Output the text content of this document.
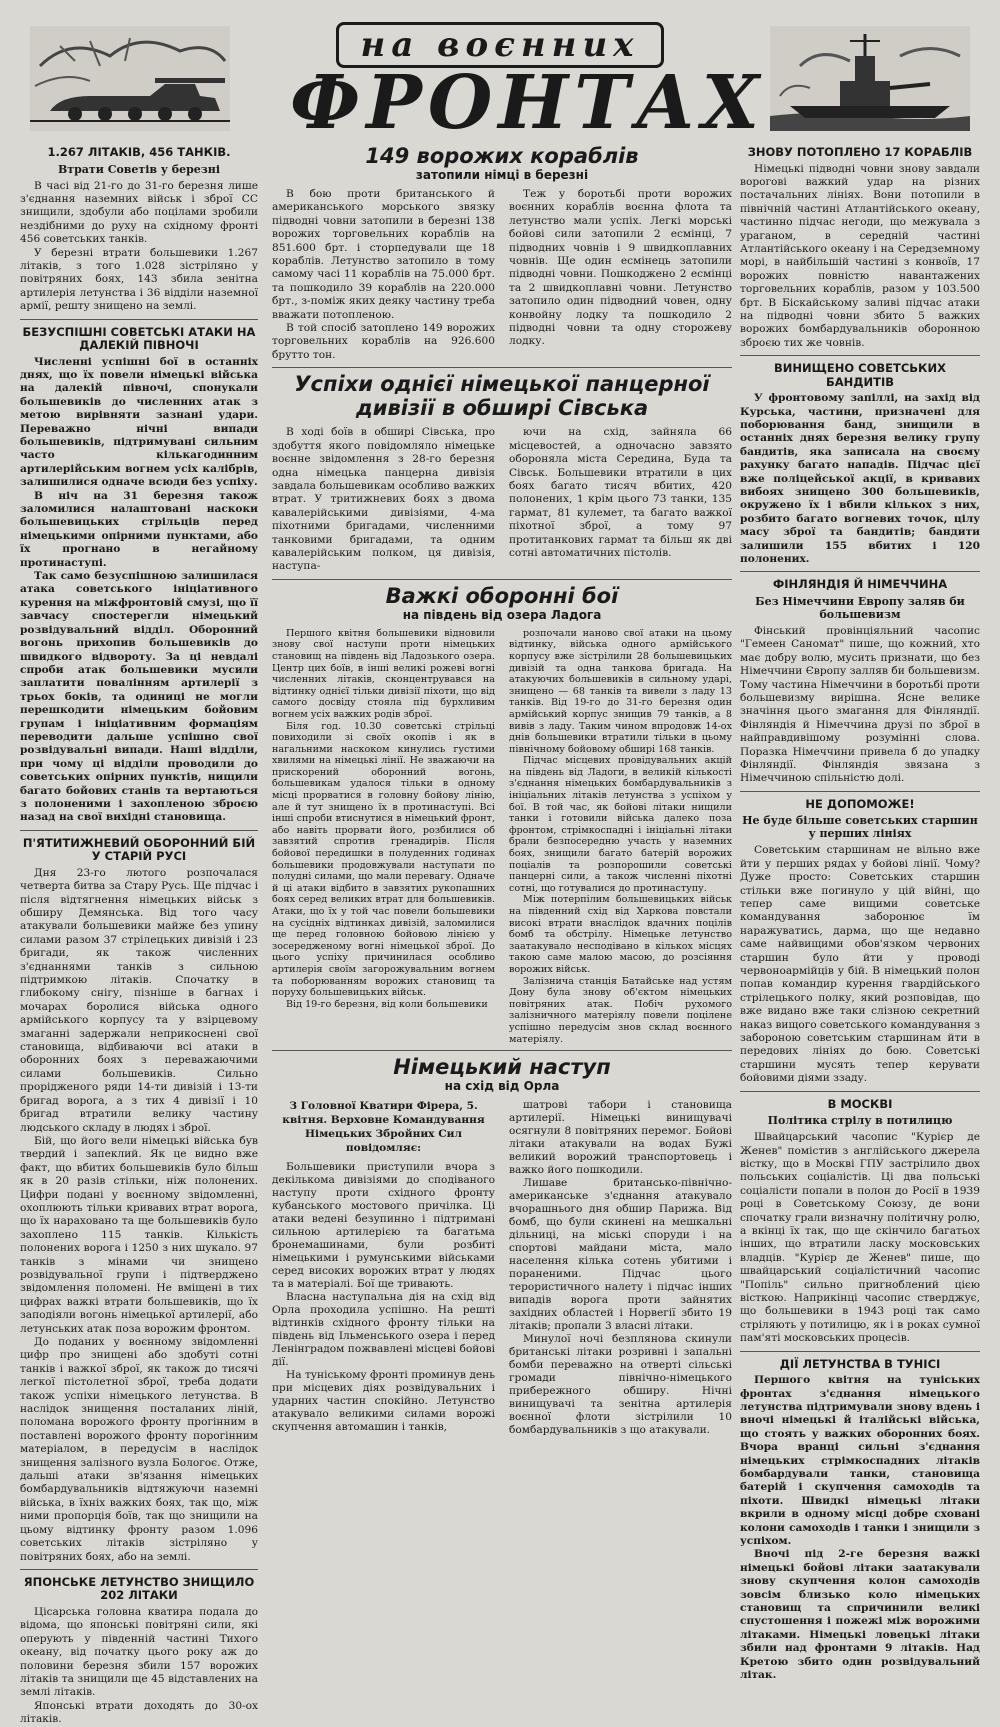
на воєнних
ФРОНТАХ
1.267 ЛІТАКІВ, 456 ТАНКІВ.
Втрати Советів у березні

В часі від 21-го до 31-го березня лише з'єднання наземних військ і зброї СС знищили, здобули або поцілами зробили нездібними до руху на східному фронті 456 советських танків.

У березні втрати большевики 1.267 літаків, з того 1.028 зістріляно у повітряних боях, 143 збила зенітна артилерія летунства і 36 відділи наземної армії, решту знищено на землі.

БЕЗУСПІШНІ СОВЕТСЬКІ АТАКИ НА ДАЛЕКІЙ ПІВНОЧІ

Численні успішні бої в останніх днях, що їх повели німецькі війська на далекій півночі, спонукали большевиків до численних атак з метою вирівняти зазнані удари. Переважно нічні випади большевиків, підтримувані сильним часто кількагодинним артилерійським вогнем усіх калібрів, залишилися одначе всюди без успіху.

В ніч на 31 березня також заломилися налаштовані наскоки большевицьких стрільців перед німецькими опірними пунктами, або їх прогнано в негайному протинаступі.

Так само безуспішною залишилася атака советського ініціативного курення на міжфронтовій смузі, що її завчасу спостерегли німецький розвідувальний відділ. Оборонний вогонь прихопив большевиків до швидкого відвороту. За ці невдалі спроби атак большевики мусили заплатити повалінням артилерії з трьох боків, та одиниці не могли перешкодити німецьким бойовим групам і ініціативним формаціям переводити дальше успішно свої розвідувальні випади. Наші відділи, при чому ці відділи проводили до советських опірних пунктів, нищили багато бойових станів та вертаються з полоненими і захопленою зброєю назад на свої вихідні становища.

П'ЯТИТИЖНЕВИЙ ОБОРОННИЙ БІЙ У СТАРІЙ РУСІ

Дня 23-го лютого розпочалася четверта битва за Стару Русь. Ще підчас і після відтягнення німецьких військ з обширу Демянська. Від того часу атакували большевики майже без упину силами разом 37 стрілецьких дивізій і 23 бригади, як також численних з'єднаннями танків з сильною підтримкою літаків. Спочатку в глибокому снігу, пізніше в багнах і мочарах боролися війська одного армійського корпусу та у взірцевому змаганні задержали неприкоснені свої становища, відбиваючи всі атаки в оборонних боях з переважаючими силами большевиків. Сильно прорідженого ряди 14-ти дивізій і 13-ти бригад ворога, а з тих 4 дивізії і 10 бригад втратили велику частину людського складу в людях і зброї.

Бій, що його вели німецькі війська був твердий і запеклий. Як це видно вже факт, що вбитих большевиків було більш як в 20 разів стільки, ніж полонених. Цифри подані у воєнному звідомленні, охоплюють тільки кривавих втрат ворога, що їх нараховано та ще большевиків було захоплено 115 танків. Кількість полонених ворога і 1250 з них шукало. 97 танків з мінами чи знищено розвідувальної групи і підтверджено звідомлення поломені. Не вміщені в тих цифрах важкі втрати большевиків, що їх заподіяли вогонь німецької артилерії, або летунських атак поза ворожим фронтом.

До поданих у воєнному звідомленні цифр про знищені або здобуті сотні танків і важкої зброї, як також до тисячі легкої пістолетної зброї, треба додати також успіхи німецького летунства. В наслідок знищення посталаних ліній, поломана ворожого фронту прогінним в поставлені ворожого фронту порогінним матеріалом, в передусім в наслідок знищення залізного вузла Бологоє. Отже, дальші атаки зв'язання німецьких бомбардувальників відтяжуючи наземні війська, в їхніх важких боях, так що, між ними пропорція боїв, так що знищили на цьому відтинку фронту разом 1.096 советських літаків зістріляно у повітряних боях, або на землі.

ЯПОНСЬКЕ ЛЕТУНСТВО ЗНИЩИЛО 202 ЛІТАКИ

Цісарська головна кватира подала до відома, що японські повітряні сили, які оперують у південній частині Тихого океану, від початку цього року аж до половини березня збили 157 ворожих літаків та знищили ще 45 відставлених на землі літаків.

Японські втрати доходять до 30-ох літаків.

149 ворожих кораблів
затопили німці в березні

В бою проти британського й американського морського звязку підводні човни затопили в березні 138 ворожих торговельних кораблів на 851.600 брт. і сторпедували ще 18 кораблів. Летунство затопило в тому самому часі 11 кораблів на 75.000 брт. та пошкодило 39 кораблів на 220.000 брт., з-поміж яких деяку частину треба вважати потопленою.

В той спосіб затоплено 149 ворожих торговельних кораблів на 926.600 брутто тон.

Теж у боротьбі проти ворожих воєнних кораблів воєнна флота та летунство мали успіх. Легкі морські бойові сили затопили 2 есмінці, 7 підводних човнів і 9 швидкоплавних човнів. Ще один есмінець затопили підводні човни. Пошкоджено 2 есмінці та 2 швидкоплавні човни. Летунство затопило один підводний човен, одну конвойну лодку та пошкодило 2 підводні човни та одну сторожеву лодку.

Успіхи однієї німецької панцерної дивізії в обширі Сівська

В ході боїв в обширі Сівська, про здобуття якого повідомляло німецьке воєнне звідомлення з 28-го березня одна німецька панцерна дивізія завдала большевикам особливо важких втрат. У тритижневих боях з двома кавалерійськими дивізіями, 4-ма піхотними бригадами, численними танковими бригадами, та одним кавалерійським полком, ця дивізія, наступа-

ючи на схід, зайняла 66 місцевостей, а одночасно завзято обороняла міста Середина, Буда та Сівськ. Большевики втратили в цих боях багато тисяч вбитих, 420 полонених, 1 крім цього 73 танки, 135 гармат, 81 кулемет, та багато важкої піхотної зброї, а тому 97 протитанкових гармат та більш як дві сотні автоматичних пістолів.

Важкі оборонні бої
на південь від озера Ладога

Першого квітня большевики відновили знову свої наступи проти німецьких становищ на південь від Ладозького озера. Центр цих боїв, в інші великі рожеві вогні численних літаків, сконцентрувався на відтинку однієї тільки дивізії піхоти, що від самого досвіду стояла під бурхливим вогнем усіх важких родів зброї.

Біля год. 10.30 советські стрільці повиходили зі своїх окопів і як в нагальними наскоком кинулись густими хвилями на німецькі лінії. Не зважаючи на прискорений оборонний вогонь, большевикам удалося тільки в одному місці прорватися в головну бойову лінію, але й тут знищено їх в протинаступі. Всі інші спроби втиснутися в німецький фронт, або навіть прорвати його, розбилися об завзятий спротив гренадирів. Після бойової передишки в полуденних годинах большевики продовжували наступати по полудні силами, що мали перевагу. Одначе й ці атаки відбито в завзятих рукопашних боях серед великих втрат для большевиків. Атаки, що їх у той час повели большевики на сусідніх відтинках дивізій, заломилися ще перед головною бойовою лінією у зосередженому вогні німецької зброї. До цього успіху причинилася особливо артилерія своїм загорожувальним вогнем та поборюванням ворожих становищ та поруху большевицьких військ.

Від 19-го березня, від коли большевики

розпочали наново свої атаки на цьому відтинку, війська одного армійського корпусу вже зістрілили 28 большевицьких дивізій та одна танкова бригада. На атакуючих большевиків в сильному ударі, знищено — 68 танків та вивели з ладу 13 танків. Від 19-го до 31-го березня один армійський корпус знищив 79 танків, а 8 вивів з ладу. Таким чином впродовж 14-ох днів большевики втратили тільки в цьому північному бойовому обширі 168 танків.

Підчас місцевих провідувальних акцій на південь від Ладоги, в великій кількості з'єднання німецьких бомбардувальників з ініціальних літаків летунства з успіхом у бої. В той час, як бойові літаки нищили танки і готовили війська далеко поза фронтом, стрімкоспадні і ініціальні літаки брали безпосередню участь у наземних боях, знищили багато батерій ворожих поціалів та розпорошили советські панцерні сили, а також численні піхотні сотні, що готувалися до протинаступу.

Між потерпілим большевицьких військ на південний схід від Харкова повстали високі втрати внаслідок вдачних поцілів бомб та обстрілу. Німецьке летунство заатакувало несподівано в кількох місцях такою саме малою масою, до розсіяння ворожих військ.

Залізнича станція Батайське над устям Дону була знову об'єктом німецьких повітряних атак. Побіч рухомого залізничного матеріялу повели поцілене успішно передусім знов склад воєнного матеріялу.

Німецький наступ
на схід від Орла
З Головної Кватири Фірера, 5. квітня. Верховне Командування Німецьких Збройних Сил повідомляє:

Большевики приступили вчора з декількома дивізіями до сподіваного наступу проти східного фронту кубанського мостового причілка. Ці атаки ведені безупинно і підтримані сильною артилерією та багатьма бронемашинами, були розбиті німецькими і румунськими військами серед високих ворожих втрат у людях та в матеріалі. Бої ще тривають.

Власна наступальна дія на схід від Орла проходила успішно. На решті відтинків східного фронту тільки на південь від Ільменського озера і перед Ленінградом пожвавлені місцеві бойові дії.

На туніському фронті проминув день при місцевих діях розвідувальних і ударних частин спокійно. Летунство атакувало великими силами ворожі скупчення автомашин і танків,

шатрові табори і становища артилерії. Німецькі винищувачі осягнули 8 повітряних перемог. Бойові літаки атакували на водах Бужі великий ворожий транспортовець і важко його пошкодили.

Лишаве британсько-північно-американське з'єднання атакувало вчорашнього дня обшир Парижа. Від бомб, що були скинені на мешкальні дільниці, на міські споруди і на спортові майдани міста, мало населення кілька сотень убитими і пораненими. Підчас цього терористичного налету і підчас інших випадів ворога проти зайнятих західних областей і Норвегії збито 19 літаків; пропали 3 власні літаки.

Минулої ночі безплянова скинули британські літаки розривні і запальні бомби переважно на отверті сільські громади північно-німецького прибережного обширу. Нічні винищувачі та зенітна артилерія воєнної флоти зістрілили 10 бомбардувальників з що атакували.

ЗНОВУ ПОТОПЛЕНО 17 КОРАБЛІВ

Німецькі підводні човни знову завдали ворогові важкий удар на різних постачальних лініях. Вони потопили в північній частині Атлантійського океану, частинно підчас негоди, що межувала з ураганом, в середній частині Атлантійського океану і на Середземному морі, в найбільшій частині з конвоїв, 17 ворожих повністю навантажених торговельних кораблів, разом у 103.500 брт. В Біскайському заливі підчас атаки на підводні човни збито 5 важких ворожих бомбардувальників оборонною зброєю тих же човнів.

ВИНИЩЕНО СОВЕТСЬКИХ БАНДИТІВ

У фронтовому запіллі, на захід від Курська, частини, призначені для поборювання банд, знищили в останніх днях березня велику групу бандитів, яка записала на своєму рахунку багато нападів. Підчас цієї вже поліцейської акції, в кривавих вибоях знищено 300 большевиків, окружено їх і вбили кількох з них, розбито багато вогневих точок, цілу масу зброї та бандитів; бандити залишили 155 вбитих і 120 полонених.

ФІНЛЯНДІЯ Й НІМЕЧЧИНА
Без Німеччини Европу заляв би большевизм

Фінський провінціяльний часопис "Гемеен Саномат" пише, що кожний, хто має добру волю, мусить признати, що без Німеччини Європу залляв би большевизм. Тому частина Німеччини в боротьбі проти большевизму вирішна. Ясне велике значіння цього змагання для Фінляндії. Фінляндія й Німеччина друзі по зброї в найправдивішому розумінні слова. Поразка Німеччини привела б до упадку Фінляндії. Фінляндія звязана з Німеччиною спільністю долі.

НЕ ДОПОМОЖЕ!
Не буде більше советських старшин у перших лініях

Советським старшинам не вільно вже йти у перших рядах у бойові лінії. Чому? Дуже просто: Советських старшин стільки вже погинуло у цій війні, що тепер саме вищими советське командування заборонює їм наражуватись, дарма, що ще недавно саме найвищими обов'язком червоних старшин було йти у проводі червоноармійців у бій. В німецький полон попав командир курення гвардійського стрілецького полку, який розповідав, що вже видано вже таки слізною секретний наказ вищого советського командування з забороною советським старшинам йти в передових лініях до бою. Советські старшини мусять тепер керувати бойовими діями ззаду.

В МОСКВІ
Політика стрілу в потилицю

Швайцарський часопис "Курієр де Женев" помістив з англійського джерела вістку, що в Москві ГПУ застрілило двох польських соціалістів. Ці два польські соціалісти попали в полон до Росії в 1939 році в Советському Союзу, де вони спочатку грали визначну політичну ролю, а вкінці їх так, що ще скінчило багатьох інших, що втратили ласку московських владців. "Курієр де Женев" пише, що швайцарський соціалістичний часопис "Попіль" сильно пригноблений цією вісткою. Наприкінці часопис стверджує, що большевики в 1943 році так само стріляють у потилицю, як і в роках сумної пам'яті московських процесів.

ДІЇ ЛЕТУНСТВА В ТУНІСІ

Першого квітня на туніських фронтах з'єднання німецького летунства підтримували знову вдень і вночі німецькі й італійські війська, що стоять у важких оборонних боях. Вчора вранці сильні з'єднання німецьких стрімкоспадних літаків бомбардували танки, становища батерій і скупчення самоходів та піхоти. Швидкі німецькі літаки вкрили в одному місці добре сховані колони самоходів і танки і знищили з успіхом.

Вночі під 2-ге березня важкі німецькі бойові літаки заатакували знову скупчення колон самоходів зовсім близько коло німецьких становищ та спричинили великі спустошення і пожежі між ворожими літаками. Німецькі ловецькі літаки збили над фронтами 9 літаків. Над Кретою збито один розвідувальний літак.
